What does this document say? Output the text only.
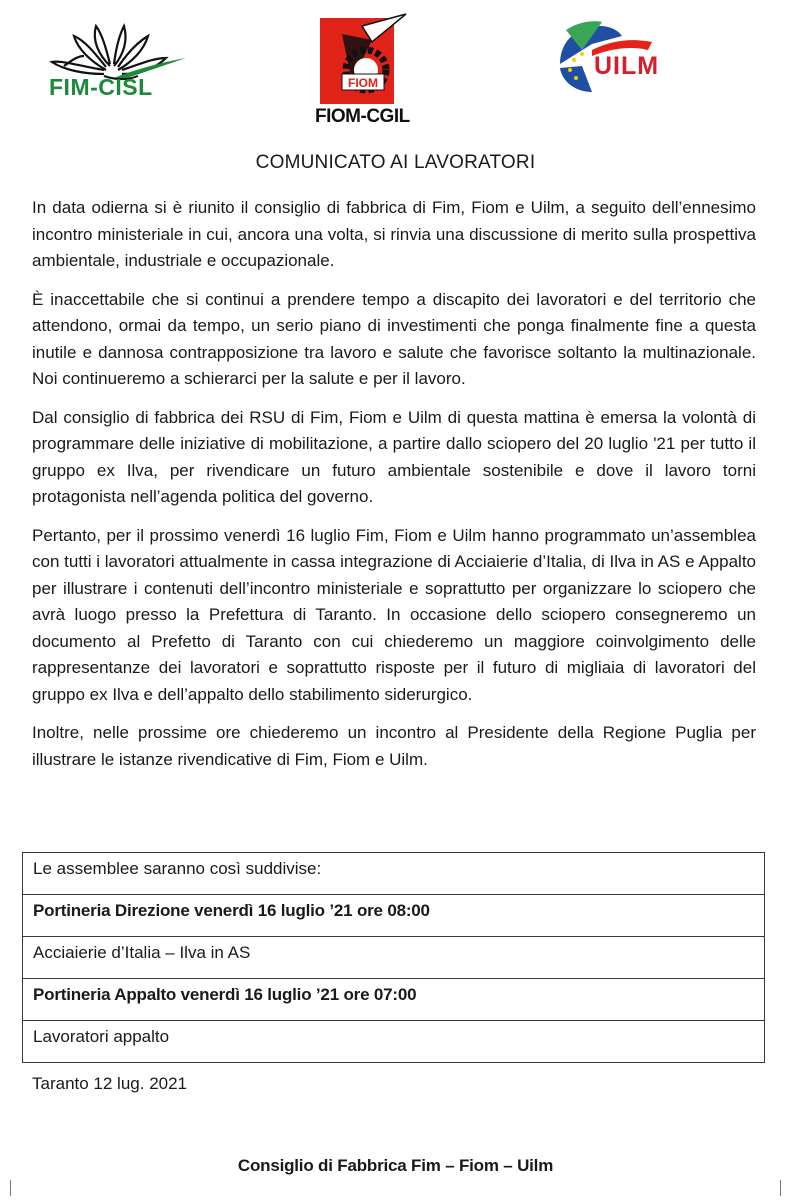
FIM-CISL	FIOM
FIOM-CGIL
UILM
COMUNICATO AI LAVORATORI

In data odierna si è riunito il consiglio di fabbrica di Fim, Fiom e Uilm, a seguito dell’ennesimo incontro ministeriale in cui, ancora una volta, si rinvia una discussione di merito sulla prospettiva ambientale, industriale e occupazionale.

È inaccettabile che si continui a prendere tempo a discapito dei lavoratori e del territorio che attendono, ormai da tempo, un serio piano di investimenti che ponga finalmente fine a questa inutile e dannosa contrapposizione tra lavoro e salute che favorisce soltanto la multinazionale. Noi continueremo a schierarci per la salute e per il lavoro.

Dal consiglio di fabbrica dei RSU di Fim, Fiom e Uilm di questa mattina è emersa la volontà di programmare delle iniziative di mobilitazione, a partire dallo sciopero del 20 luglio '21 per tutto il gruppo ex Ilva, per rivendicare un futuro ambientale sostenibile e dove il lavoro torni protagonista nell’agenda politica del governo.

Pertanto, per il prossimo venerdì 16 luglio Fim, Fiom e Uilm hanno programmato un’assemblea con tutti i lavoratori attualmente in cassa integrazione di Acciaierie d’Italia, di Ilva in AS e Appalto per illustrare i contenuti dell’incontro ministeriale e soprattutto per organizzare lo sciopero che avrà luogo presso la Prefettura di Taranto. In occasione dello sciopero consegneremo un documento al Prefetto di Taranto con cui chiederemo un maggiore coinvolgimento delle rappresentanze dei lavoratori e soprattutto risposte per il futuro di migliaia di lavoratori del gruppo ex Ilva e dell’appalto dello stabilimento siderurgico.

Inoltre, nelle prossime ore chiederemo un incontro al Presidente della Regione Puglia per illustrare le istanze rivendicative di Fim, Fiom e Uilm.

Le assemblee saranno così suddivise:
Portineria Direzione venerdì 16 luglio ’21 ore 08:00
Acciaierie d’Italia – Ilva in AS
Portineria Appalto venerdì 16 luglio ’21 ore 07:00
Lavoratori appalto
Taranto 12 lug. 2021
Consiglio di Fabbrica Fim – Fiom – Uilm
